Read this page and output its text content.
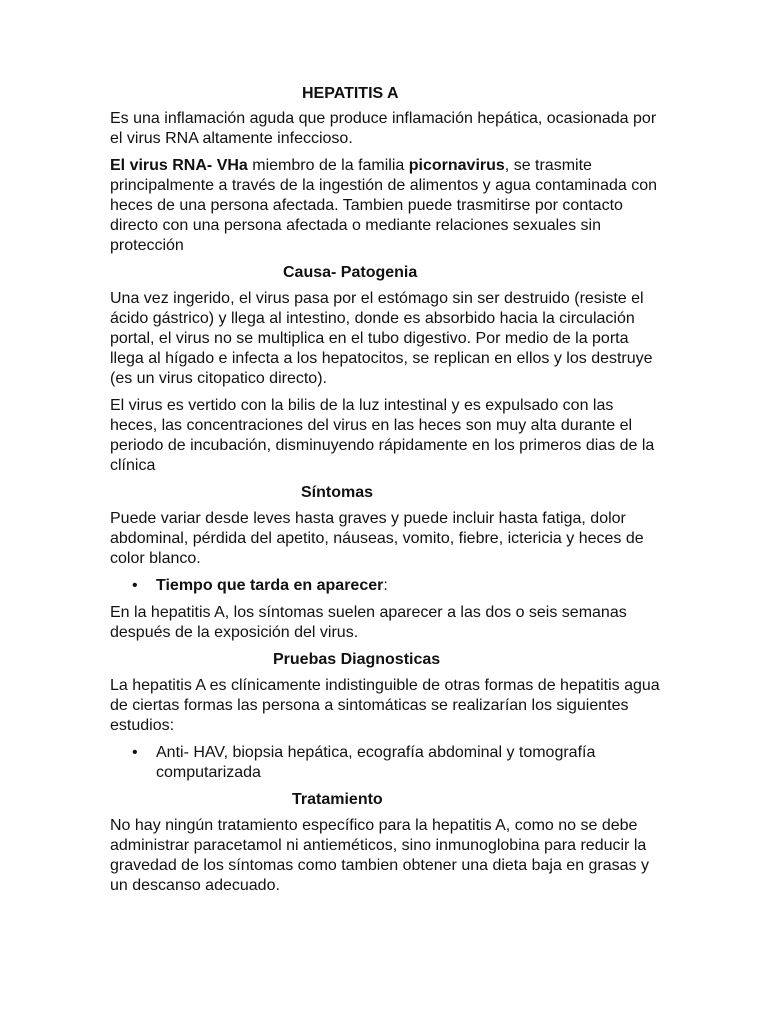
HEPATITIS A

Es una inflamación aguda que produce inflamación hepática, ocasionada por el virus RNA altamente infeccioso.

El virus RNA- VHa miembro de la familia picornavirus, se trasmite principalmente a través de la ingestión de alimentos y agua contaminada con heces de una persona afectada. Tambien puede trasmitirse por contacto directo con una persona afectada o mediante relaciones sexuales sin protección

Causa- Patogenia

Una vez ingerido, el virus pasa por el estómago sin ser destruido (resiste el ácido gástrico) y llega al intestino, donde es absorbido hacia la circulación portal, el virus no se multiplica en el tubo digestivo. Por medio de la porta llega al hígado e infecta a los hepatocitos, se replican en ellos y los destruye (es un virus citopatico directo).

El virus es vertido con la bilis de la luz intestinal y es expulsado con las heces, las concentraciones del virus en las heces son muy alta durante el periodo de incubación, disminuyendo rápidamente en los primeros dias de la clínica

Síntomas

Puede variar desde leves hasta graves y puede incluir hasta fatiga, dolor abdominal, pérdida del apetito, náuseas, vomito, fiebre, ictericia y heces de color blanco.

• Tiempo que tarda en aparecer:

En la hepatitis A, los síntomas suelen aparecer a las dos o seis semanas después de la exposición del virus.

Pruebas Diagnosticas

La hepatitis A es clínicamente indistinguible de otras formas de hepatitis agua de ciertas formas las persona a sintomáticas se realizarían los siguientes estudios:

• Anti- HAV, biopsia hepática, ecografía abdominal y tomografía computarizada
Tratamiento

No hay ningún tratamiento específico para la hepatitis A, como no se debe administrar paracetamol ni antieméticos, sino inmunoglobina para reducir la gravedad de los síntomas como tambien obtener una dieta baja en grasas y un descanso adecuado.
